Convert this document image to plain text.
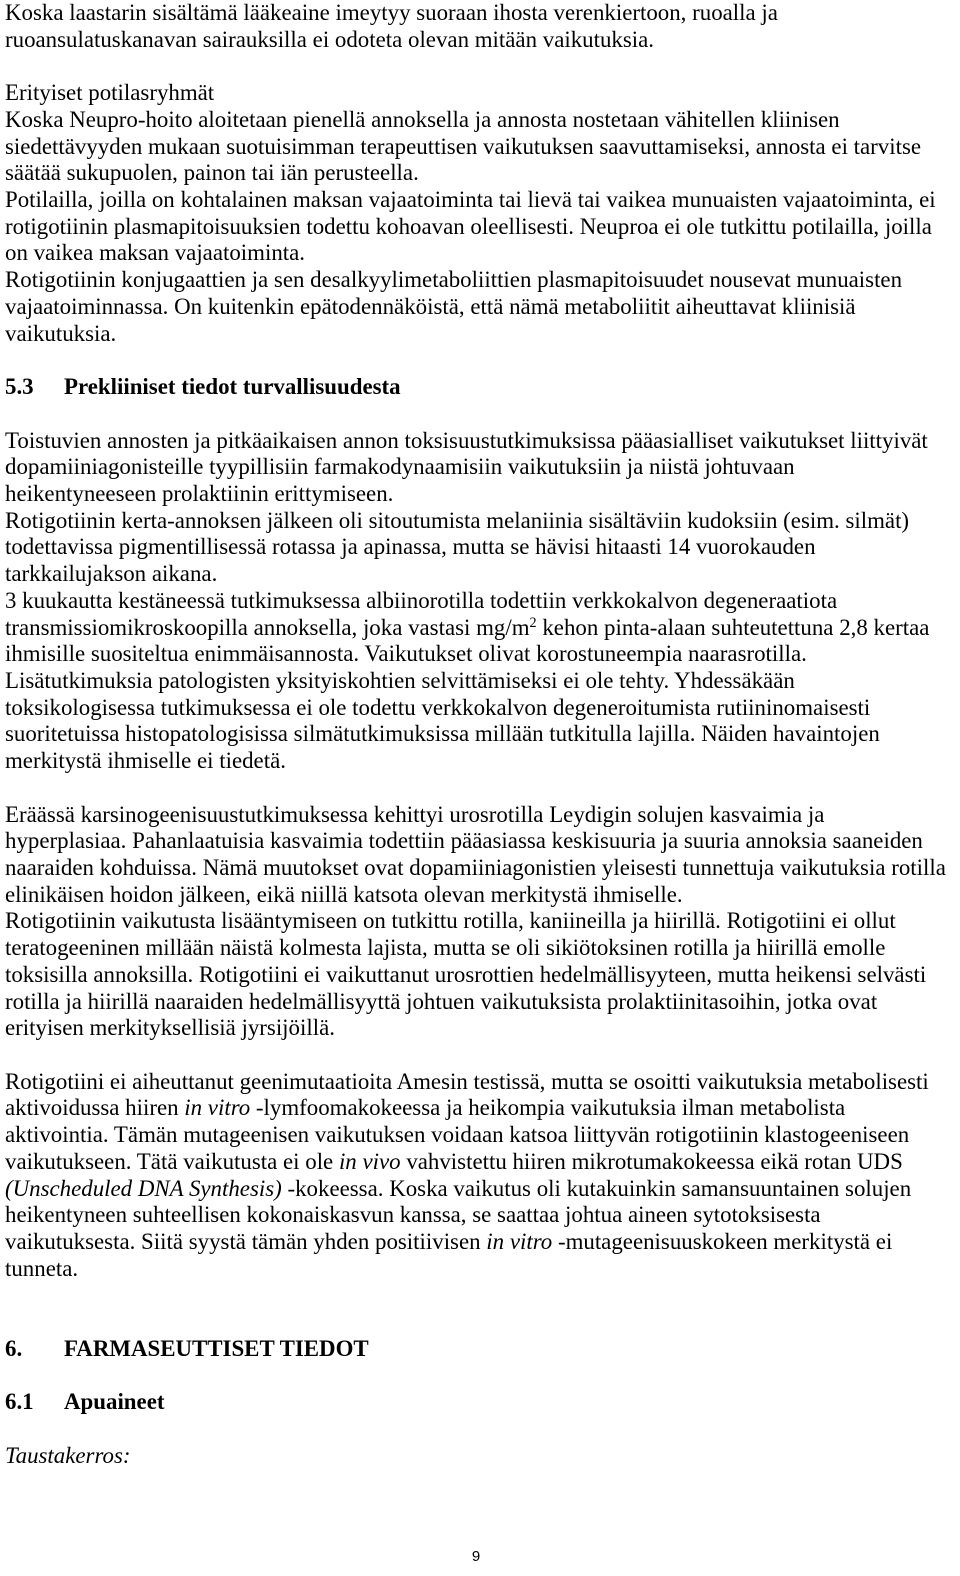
Koska laastarin sisältämä lääkeaine imeytyy suoraan ihosta verenkiertoon, ruoalla ja
ruoansulatuskanavan sairauksilla ei odoteta olevan mitään vaikutuksia.
Erityiset potilasryhmät
Koska Neupro-hoito aloitetaan pienellä annoksella ja annosta nostetaan vähitellen kliinisen
siedettävyyden mukaan suotuisimman terapeuttisen vaikutuksen saavuttamiseksi, annosta ei tarvitse
säätää sukupuolen, painon tai iän perusteella.
Potilailla, joilla on kohtalainen maksan vajaatoiminta tai lievä tai vaikea munuaisten vajaatoiminta, ei
rotigotiinin plasmapitoisuuksien todettu kohoavan oleellisesti. Neuproa ei ole tutkittu potilailla, joilla
on vaikea maksan vajaatoiminta.
Rotigotiinin konjugaattien ja sen desalkyylimetaboliittien plasmapitoisuudet nousevat munuaisten
vajaatoiminnassa. On kuitenkin epätodennäköistä, että nämä metaboliitit aiheuttavat kliinisiä
vaikutuksia.
5.3 Prekliiniset tiedot turvallisuudesta
Toistuvien annosten ja pitkäaikaisen annon toksisuustutkimuksissa pääasialliset vaikutukset liittyivät
dopamiiniagonisteille tyypillisiin farmakodynaamisiin vaikutuksiin ja niistä johtuvaan
heikentyneeseen prolaktiinin erittymiseen.
Rotigotiinin kerta-annoksen jälkeen oli sitoutumista melaniinia sisältäviin kudoksiin (esim. silmät)
todettavissa pigmentillisessä rotassa ja apinassa, mutta se hävisi hitaasti 14 vuorokauden
tarkkailujakson aikana.
3 kuukautta kestäneessä tutkimuksessa albiinorotilla todettiin verkkokalvon degeneraatiota
transmissiomikroskoopilla annoksella, joka vastasi $mg/m^2$ kehon pinta-alaan suhteutettuna 2,8 kertaa
ihmisille suositeltua enimmäisannosta. Vaikutukset olivat korostuneempia naarasrotilla.
Lisätutkimuksia patologisten yksityiskohtien selvittämiseksi ei ole tehty. Yhdessäkään
toksikologisessa tutkimuksessa ei ole todettu verkkokalvon degeneroitumista rutiininomaisesti
suoritetuissa histopatologisissa silmätutkimuksissa millään tutkitulla lajilla. Näiden havaintojen
merkitystä ihmiselle ei tiedetä.
Eräässä karsinogeenisuustutkimuksessa kehittyi urosrotilla Leydigin solujen kasvaimia ja
hyperplasiaa. Pahanlaatuisia kasvaimia todettiin pääasiassa keskisuuria ja suuria annoksia saaneiden
naaraiden kohduissa. Nämä muutokset ovat dopamiiniagonistien yleisesti tunnettuja vaikutuksia rotilla
elinikäisen hoidon jälkeen, eikä niillä katsota olevan merkitystä ihmiselle.
Rotigotiinin vaikutusta lisääntymiseen on tutkittu rotilla, kaniineilla ja hiirillä. Rotigotiini ei ollut
teratogeeninen millään näistä kolmesta lajista, mutta se oli sikiötoksinen rotilla ja hiirillä emolle
toksisilla annoksilla. Rotigotiini ei vaikuttanut urosrottien hedelmällisyyteen, mutta heikensi selvästi
rotilla ja hiirillä naaraiden hedelmällisyyttä johtuen vaikutuksista prolaktiinitasoihin, jotka ovat
erityisen merkityksellisiä jyrsijöillä.
Rotigotiini ei aiheuttanut geenimutaatioita Amesin testissä, mutta se osoitti vaikutuksia metabolisesti
aktivoidussa hiiren in vitro -lymfoomakokeessa ja heikompia vaikutuksia ilman metabolista
aktivointia. Tämän mutageenisen vaikutuksen voidaan katsoa liittyvän rotigotiinin klastogeeniseen
vaikutukseen. Tätä vaikutusta ei ole in vivo vahvistettu hiiren mikrotumakokeessa eikä rotan UDS
(Unscheduled DNA Synthesis) -kokeessa. Koska vaikutus oli kutakuinkin samansuuntainen solujen
heikentyneen suhteellisen kokonaiskasvun kanssa, se saattaa johtua aineen sytotoksisesta
vaikutuksesta. Siitä syystä tämän yhden positiivisen in vitro -mutageenisuuskokeen merkitystä ei
tunneta.
6. FARMASEUTTISET TIEDOT
6.1 Apuaineet
Taustakerros:
9
